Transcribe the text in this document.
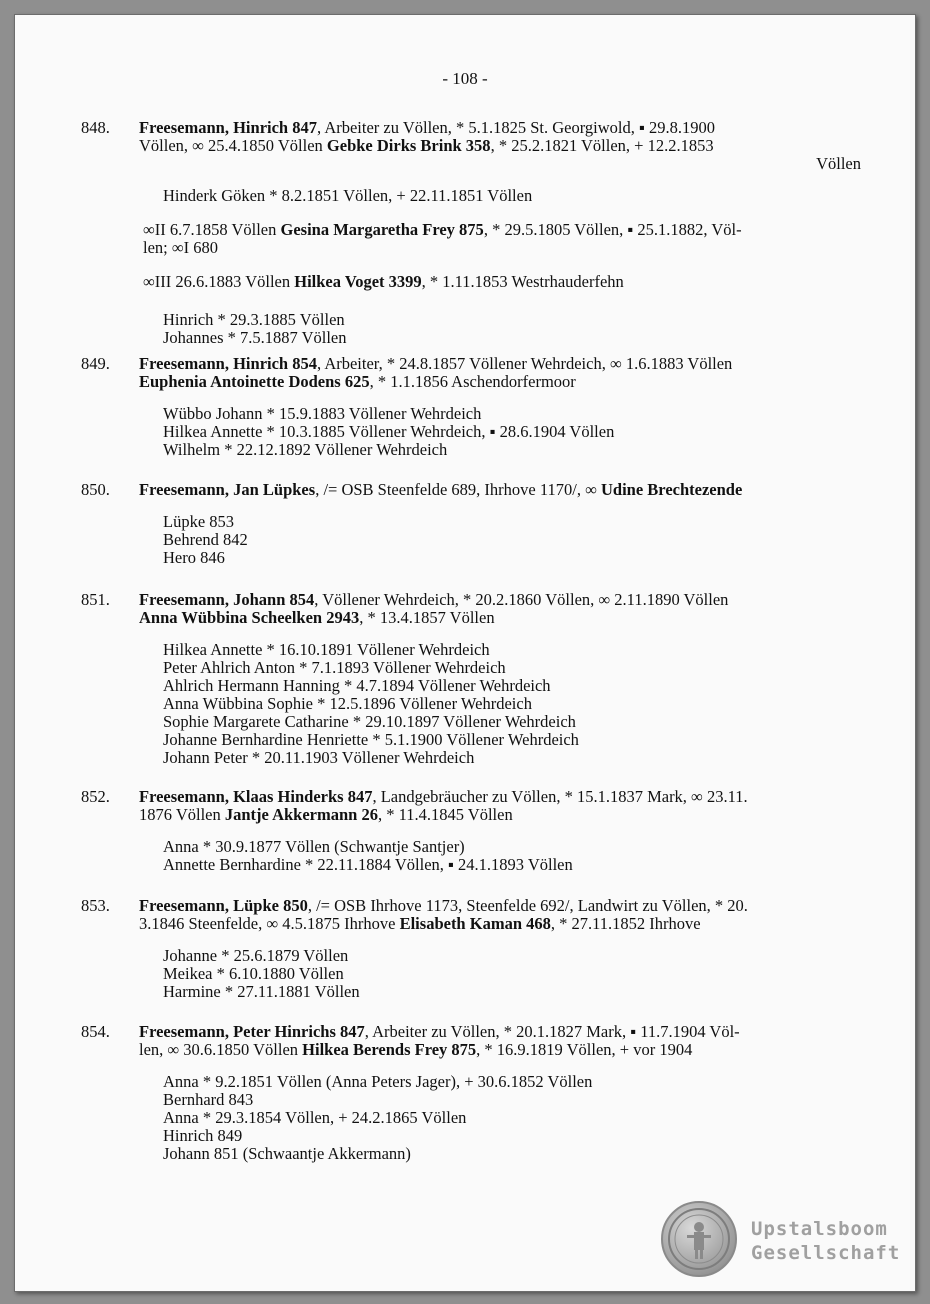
- 108 -
848.	Freesemann, Hinrich 847, Arbeiter zu Völlen, * 5.1.1825 St. Georgiwold, ▪ 29.8.1900
Völlen, ∞ 25.4.1850 Völlen Gebke Dirks Brink 358, * 25.2.1821 Völlen, + 12.2.1853
Völlen
Hinderk Göken * 8.2.1851 Völlen, + 22.11.1851 Völlen
∞II 6.7.1858 Völlen Gesina Margaretha Frey 875, * 29.5.1805 Völlen, ▪ 25.1.1882, Völ-
len; ∞I 680
∞III 26.6.1883 Völlen Hilkea Voget 3399, * 1.11.1853 Westrhauderfehn
Hinrich * 29.3.1885 Völlen
Johannes * 7.5.1887 Völlen
849.	Freesemann, Hinrich 854, Arbeiter, * 24.8.1857 Völlener Wehrdeich, ∞ 1.6.1883 Völlen
Euphenia Antoinette Dodens 625, * 1.1.1856 Aschendorfermoor
Wübbo Johann * 15.9.1883 Völlener Wehrdeich
Hilkea Annette * 10.3.1885 Völlener Wehrdeich, ▪ 28.6.1904 Völlen
Wilhelm * 22.12.1892 Völlener Wehrdeich
850.	Freesemann, Jan Lüpkes, /= OSB Steenfelde 689, Ihrhove 1170/, ∞ Udine Brechtezende
Lüpke 853
Behrend 842
Hero 846
851.	Freesemann, Johann 854, Völlener Wehrdeich, * 20.2.1860 Völlen, ∞ 2.11.1890 Völlen
Anna Wübbina Scheelken 2943, * 13.4.1857 Völlen
Hilkea Annette * 16.10.1891 Völlener Wehrdeich
Peter Ahlrich Anton * 7.1.1893 Völlener Wehrdeich
Ahlrich Hermann Hanning * 4.7.1894 Völlener Wehrdeich
Anna Wübbina Sophie * 12.5.1896 Völlener Wehrdeich
Sophie Margarete Catharine * 29.10.1897 Völlener Wehrdeich
Johanne Bernhardine Henriette * 5.1.1900 Völlener Wehrdeich
Johann Peter * 20.11.1903 Völlener Wehrdeich
852.	Freesemann, Klaas Hinderks 847, Landgebräucher zu Völlen, * 15.1.1837 Mark, ∞ 23.11.
1876 Völlen Jantje Akkermann 26, * 11.4.1845 Völlen
Anna * 30.9.1877 Völlen (Schwantje Santjer)
Annette Bernhardine * 22.11.1884 Völlen, ▪ 24.1.1893 Völlen
853.	Freesemann, Lüpke 850, /= OSB Ihrhove 1173, Steenfelde 692/, Landwirt zu Völlen, * 20.
3.1846 Steenfelde, ∞ 4.5.1875 Ihrhove Elisabeth Kaman 468, * 27.11.1852 Ihrhove
Johanne * 25.6.1879 Völlen
Meikea * 6.10.1880 Völlen
Harmine * 27.11.1881 Völlen
854.	Freesemann, Peter Hinrichs 847, Arbeiter zu Völlen, * 20.1.1827 Mark, ▪ 11.7.1904 Völ-
len, ∞ 30.6.1850 Völlen Hilkea Berends Frey 875, * 16.9.1819 Völlen, + vor 1904
Anna * 9.2.1851 Völlen (Anna Peters Jager), + 30.6.1852 Völlen
Bernhard 843
Anna * 29.3.1854 Völlen, + 24.2.1865 Völlen
Hinrich 849
Johann 851 (Schwaantje Akkermann)
Upstalsboom
Gesellschaft
